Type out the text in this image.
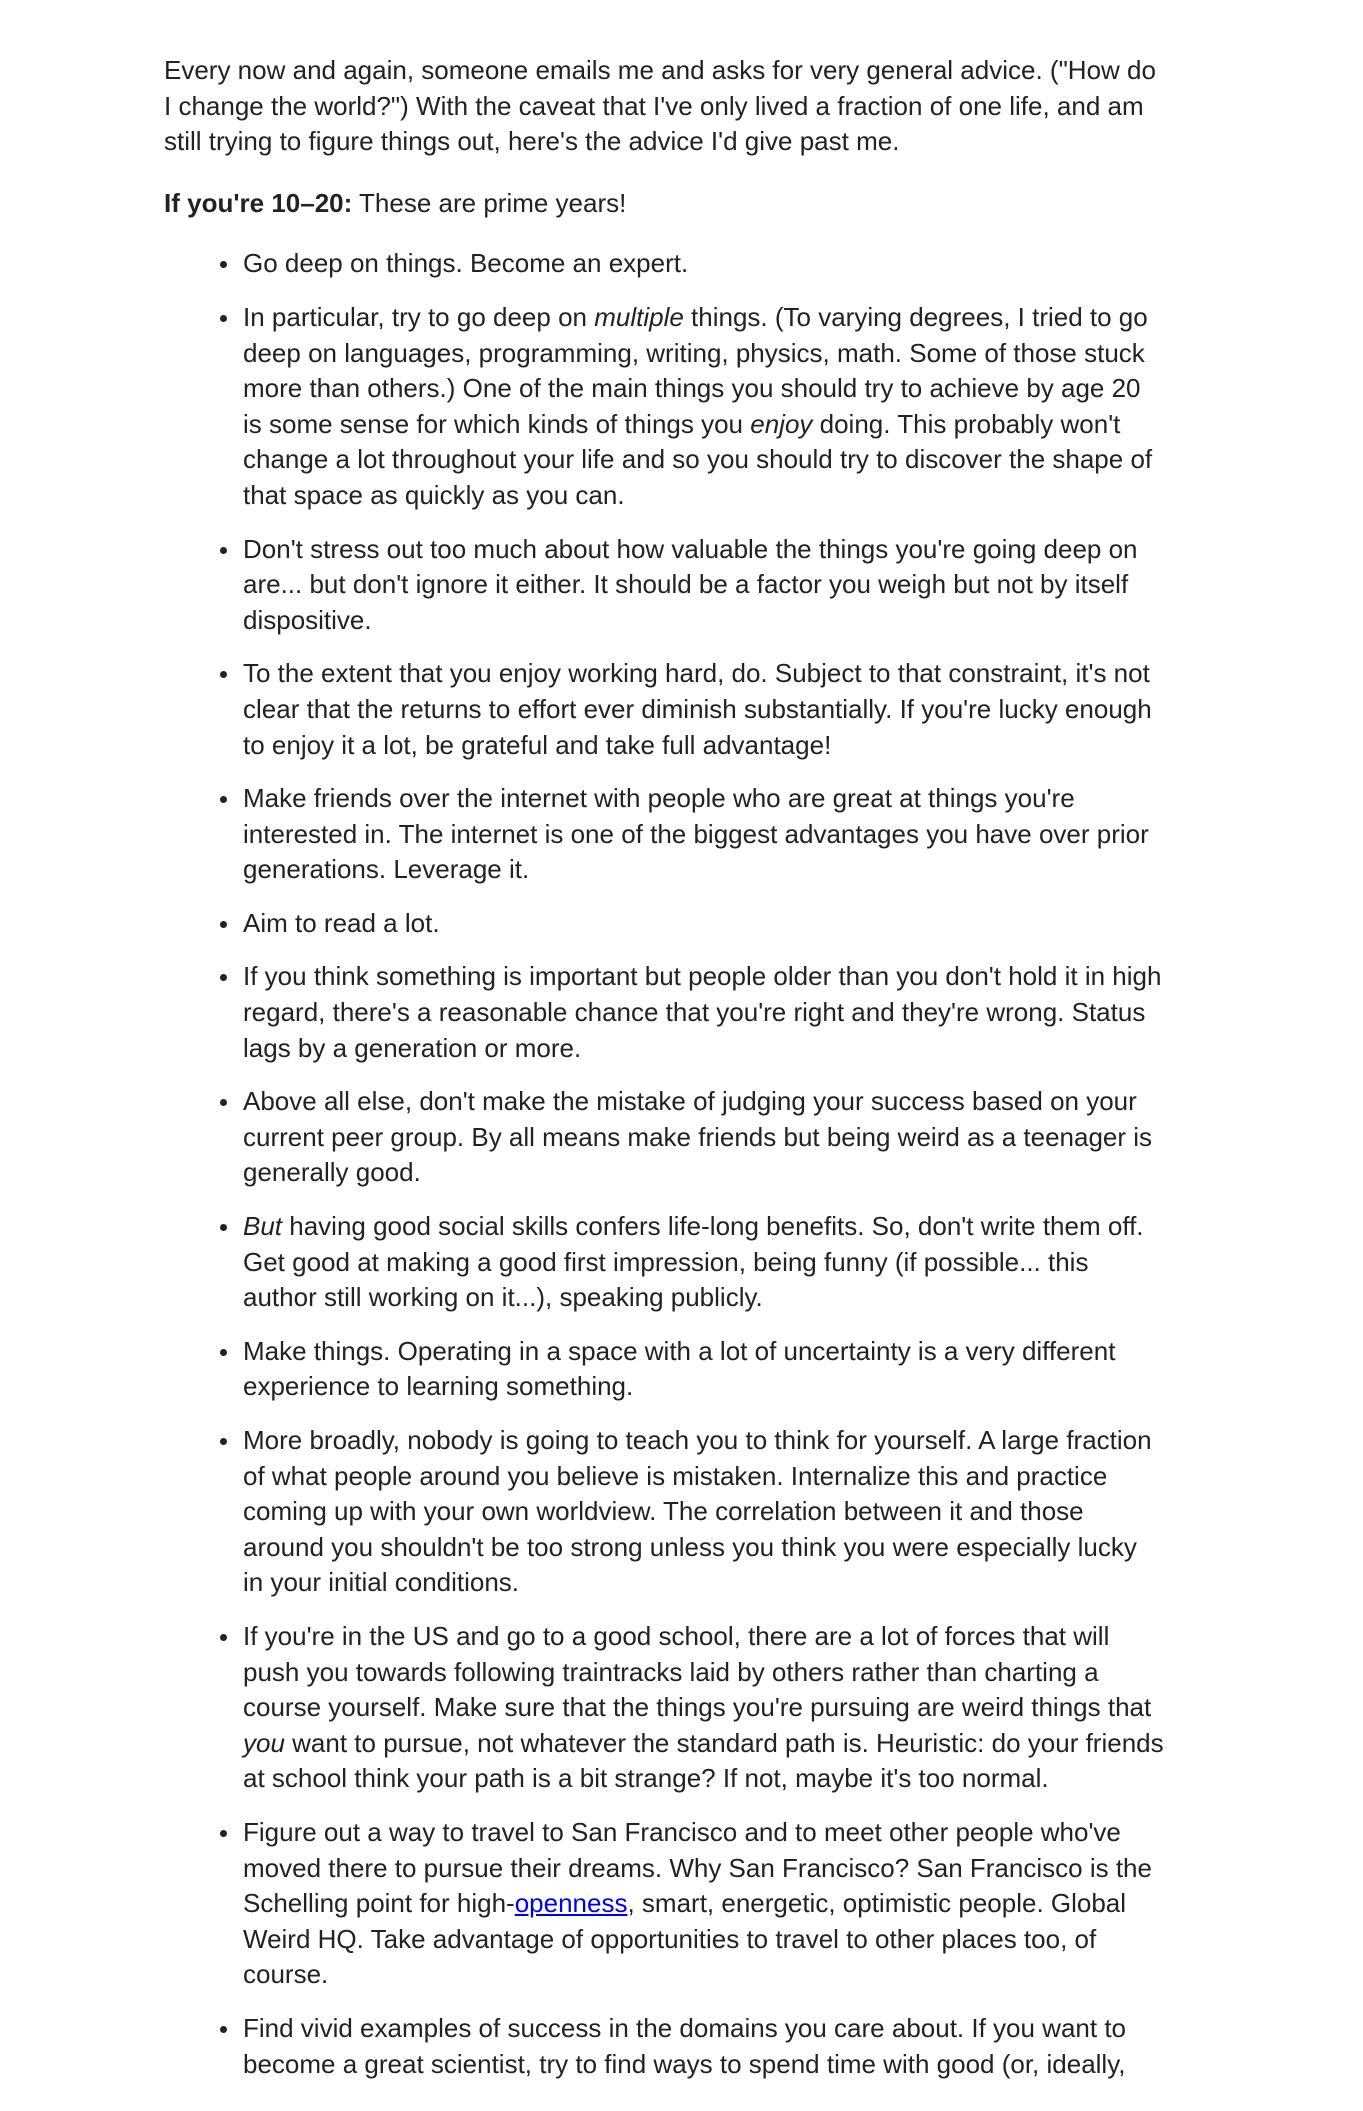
Every now and again, someone emails me and asks for very general advice. ("How do I change the world?") With the caveat that I've only lived a fraction of one life, and am still trying to figure things out, here's the advice I'd give past me.

If you're 10–20: These are prime years!

Go deep on things. Become an expert.
In particular, try to go deep on multiple things. (To varying degrees, I tried to go deep on languages, programming, writing, physics, math. Some of those stuck more than others.) One of the main things you should try to achieve by age 20 is some sense for which kinds of things you enjoy doing. This probably won't change a lot throughout your life and so you should try to discover the shape of that space as quickly as you can.
Don't stress out too much about how valuable the things you're going deep on are... but don't ignore it either. It should be a factor you weigh but not by itself dispositive.
To the extent that you enjoy working hard, do. Subject to that constraint, it's not clear that the returns to effort ever diminish substantially. If you're lucky enough to enjoy it a lot, be grateful and take full advantage!
Make friends over the internet with people who are great at things you're interested in. The internet is one of the biggest advantages you have over prior generations. Leverage it.
Aim to read a lot.
If you think something is important but people older than you don't hold it in high regard, there's a reasonable chance that you're right and they're wrong. Status lags by a generation or more.
Above all else, don't make the mistake of judging your success based on your current peer group. By all means make friends but being weird as a teenager is generally good.
But having good social skills confers life-long benefits. So, don't write them off. Get good at making a good first impression, being funny (if possible... this author still working on it...), speaking publicly.
Make things. Operating in a space with a lot of uncertainty is a very different experience to learning something.
More broadly, nobody is going to teach you to think for yourself. A large fraction of what people around you believe is mistaken. Internalize this and practice coming up with your own worldview. The correlation between it and those around you shouldn't be too strong unless you think you were especially lucky in your initial conditions.
If you're in the US and go to a good school, there are a lot of forces that will push you towards following traintracks laid by others rather than charting a course yourself. Make sure that the things you're pursuing are weird things that you want to pursue, not whatever the standard path is. Heuristic: do your friends at school think your path is a bit strange? If not, maybe it's too normal.
Figure out a way to travel to San Francisco and to meet other people who've moved there to pursue their dreams. Why San Francisco? San Francisco is the Schelling point for high-openness, smart, energetic, optimistic people. Global Weird HQ. Take advantage of opportunities to travel to other places too, of course.
Find vivid examples of success in the domains you care about. If you want to become a great scientist, try to find ways to spend time with good (or, ideally,
